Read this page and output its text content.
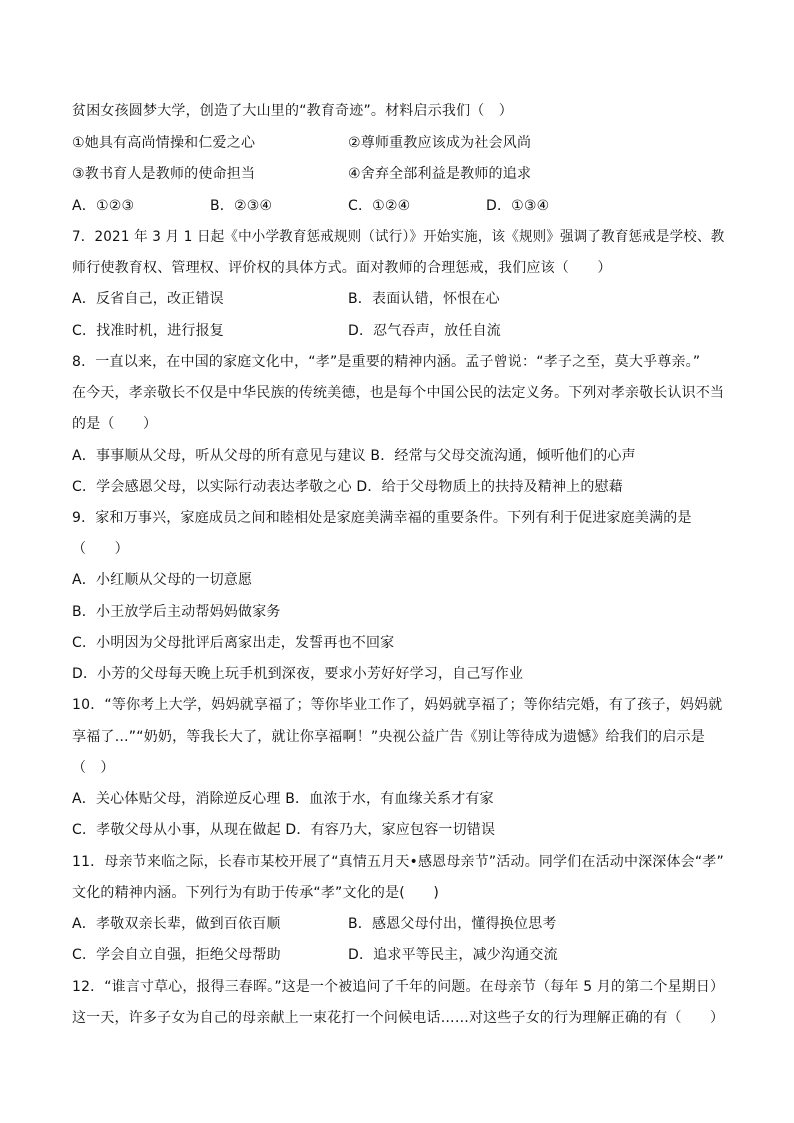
贫困女孩圆梦大学，创造了大山里的“教育奇迹”。材料启示我们（　）
①她具有高尚情操和仁爱之心	②尊师重教应该成为社会风尚
③教书育人是教师的使命担当	④舍弃全部利益是教师的追求
A．①②③	B．②③④	C．①②④	D．①③④
7．2021 年 3 月 1 日起《中小学教育惩戒规则（试行）》开始实施，该《规则》强调了教育惩戒是学校、教
师行使教育权、管理权、评价权的具体方式。面对教师的合理惩戒，我们应该（　　）
A．反省自己，改正错误	B．表面认错，怀恨在心
C．找准时机，进行报复	D．忍气吞声，放任自流
8．一直以来，在中国的家庭文化中，“孝”是重要的精神内涵。孟子曾说：“孝子之至，莫大乎尊亲。”
在今天，孝亲敬长不仅是中华民族的传统美德，也是每个中国公民的法定义务。下列对孝亲敬长认识不当
的是（　　）
A．事事顺从父母，听从父母的所有意见与建议 B．经常与父母交流沟通，倾听他们的心声
C．学会感恩父母，以实际行动表达孝敬之心 D．给于父母物质上的扶持及精神上的慰藉
9．家和万事兴，家庭成员之间和睦相处是家庭美满幸福的重要条件。下列有利于促进家庭美满的是
（　　）
A．小红顺从父母的一切意愿
B．小王放学后主动帮妈妈做家务
C．小明因为父母批评后离家出走，发誓再也不回家
D．小芳的父母每天晚上玩手机到深夜，要求小芳好好学习，自己写作业
10．“等你考上大学，妈妈就享福了；等你毕业工作了，妈妈就享福了；等你结完婚，有了孩子，妈妈就
享福了…”“奶奶，等我长大了，就让你享福啊！”央视公益广告《别让等待成为遗憾》给我们的启示是
（　）
A．关心体贴父母，消除逆反心理 B．血浓于水，有血缘关系才有家
C．孝敬父母从小事，从现在做起 D．有容乃大，家应包容一切错误
11．母亲节来临之际，长春市某校开展了“真情五月天•感恩母亲节”活动。同学们在活动中深深体会“孝”
文化的精神内涵。下列行为有助于传承“孝”文化的是(　　)
A．孝敬双亲长辈，做到百依百顺	B．感恩父母付出，懂得换位思考
C．学会自立自强，拒绝父母帮助	D．追求平等民主，减少沟通交流
12．“谁言寸草心，报得三春晖。”这是一个被追问了千年的问题。在母亲节（每年 5 月的第二个星期日）
这一天，许多子女为自己的母亲献上一束花打一个问候电话……对这些子女的行为理解正确的有（　　）
